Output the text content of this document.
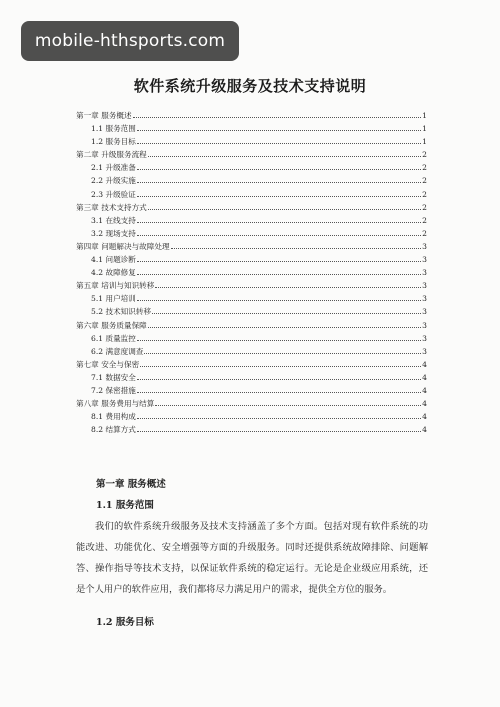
mobile-hthsports.com
软件系统升级服务及技术支持说明
第一章 服务概述	1
1.1 服务范围	1
1.2 服务目标	1
第二章 升级服务流程	2
2.1 升级准备	2
2.2 升级实施	2
2.3 升级验证	2
第三章 技术支持方式	2
3.1 在线支持	2
3.2 现场支持	2
第四章 问题解决与故障处理	3
4.1 问题诊断	3
4.2 故障修复	3
第五章 培训与知识转移	3
5.1 用户培训	3
5.2 技术知识转移	3
第六章 服务质量保障	3
6.1 质量监控	3
6.2 满意度调查	3
第七章 安全与保密	4
7.1 数据安全	4
7.2 保密措施	4
第八章 服务费用与结算	4
8.1 费用构成	4
8.2 结算方式	4
第一章 服务概述
1.1 服务范围

我们的软件系统升级服务及技术支持涵盖了多个方面。包括对现有软件系统的功能改进、功能优化、安全增强等方面的升级服务。同时还提供系统故障排除、问题解答、操作指导等技术支持，以保证软件系统的稳定运行。无论是企业级应用系统，还是个人用户的软件应用，我们都将尽力满足用户的需求，提供全方位的服务。

1.2 服务目标
